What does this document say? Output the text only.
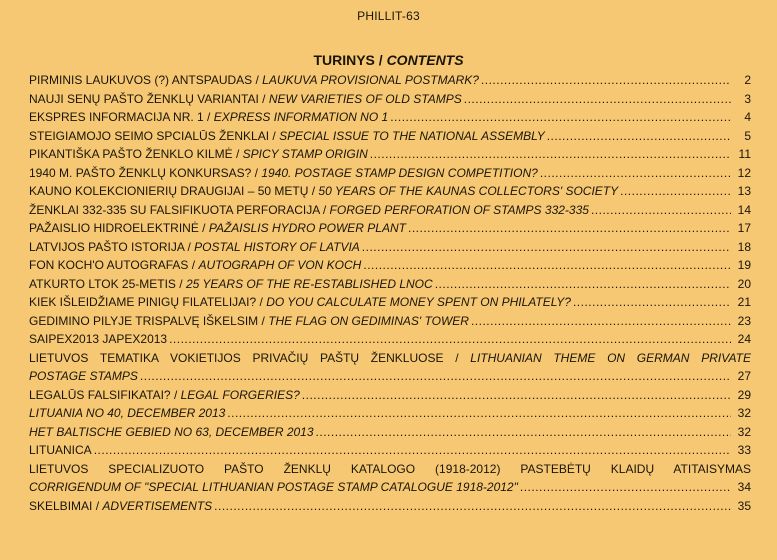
PHILLIT-63
TURINYS / CONTENTS
PIRMINIS LAUKUVOS (?) ANTSPAUDAS / LAUKUVA PROVISIONAL POSTMARK? .....	2
NAUJI SENŲ PAŠTO ŽENKLŲ VARIANTAI / NEW VARIETIES OF OLD STAMPS .....	3
EKSPRES INFORMACIJA NR. 1 / EXPRESS INFORMATION NO 1 .....	4
STEIGIAMOJO SEIMO SPCIALŪS ŽENKLAI / SPECIAL ISSUE TO THE NATIONAL ASSEMBLY .....	5
PIKANTIŠKA PAŠTO ŽENKLO KILMĖ / SPICY STAMP ORIGIN .....	11
1940 M. PAŠTO ŽENKLŲ KONKURSAS? / 1940. POSTAGE STAMP DESIGN COMPETITION? .....	12
KAUNO KOLEKCIONIERIŲ DRAUGIJAI – 50 METŲ / 50 YEARS OF THE KAUNAS COLLECTORS' SOCIETY .....	13
ŽENKLAI 332-335 SU FALSIFIKUOTA PERFORACIJA / FORGED PERFORATION OF STAMPS 332-335 .....	14
PAŽAISLIO HIDROELEKTRINĖ / PAŽAISLIS HYDRO POWER PLANT .....	17
LATVIJOS PAŠTO ISTORIJA / POSTAL HISTORY OF LATVIA .....	18
FON KOCH'O AUTOGRAFAS / AUTOGRAPH OF VON KOCH .....	19
ATKURTO LTOK 25-METIS / 25 YEARS OF THE RE-ESTABLISHED LNOC .....	20
KIEK IŠLEIDŽIAME PINIGŲ FILATELIJAI? / DO YOU CALCULATE MONEY SPENT ON PHILATELY? .....	21
GEDIMINO PILYJE TRISPALVĘ IŠKELSIM / THE FLAG ON GEDIMINAS' TOWER .....	23
SAIPEX2013 JAPEX2013 .....	24
LIETUVOS TEMATIKA VOKIETIJOS PRIVAČIŲ PAŠTŲ ŽENKLUOSE / LITHUANIAN THEME ON GERMAN PRIVATE
POSTAGE STAMPS .....	27
LEGALŪS FALSIFIKATAI? / LEGAL FORGERIES? .....	29
LITUANIA NO 40, DECEMBER 2013 .....	32
HET BALTISCHE GEBIED NO 63, DECEMBER 2013 .....	32
LITUANICA .....	33
LIETUVOS SPECIALIZUOTO PAŠTO ŽENKLŲ KATALOGO (1918-2012) PASTEBĖTŲ KLAIDŲ ATITAISYMAS
CORRIGENDUM OF "SPECIAL LITHUANIAN POSTAGE STAMP CATALOGUE 1918-2012" .....	34
SKELBIMAI / ADVERTISEMENTS .....	35
